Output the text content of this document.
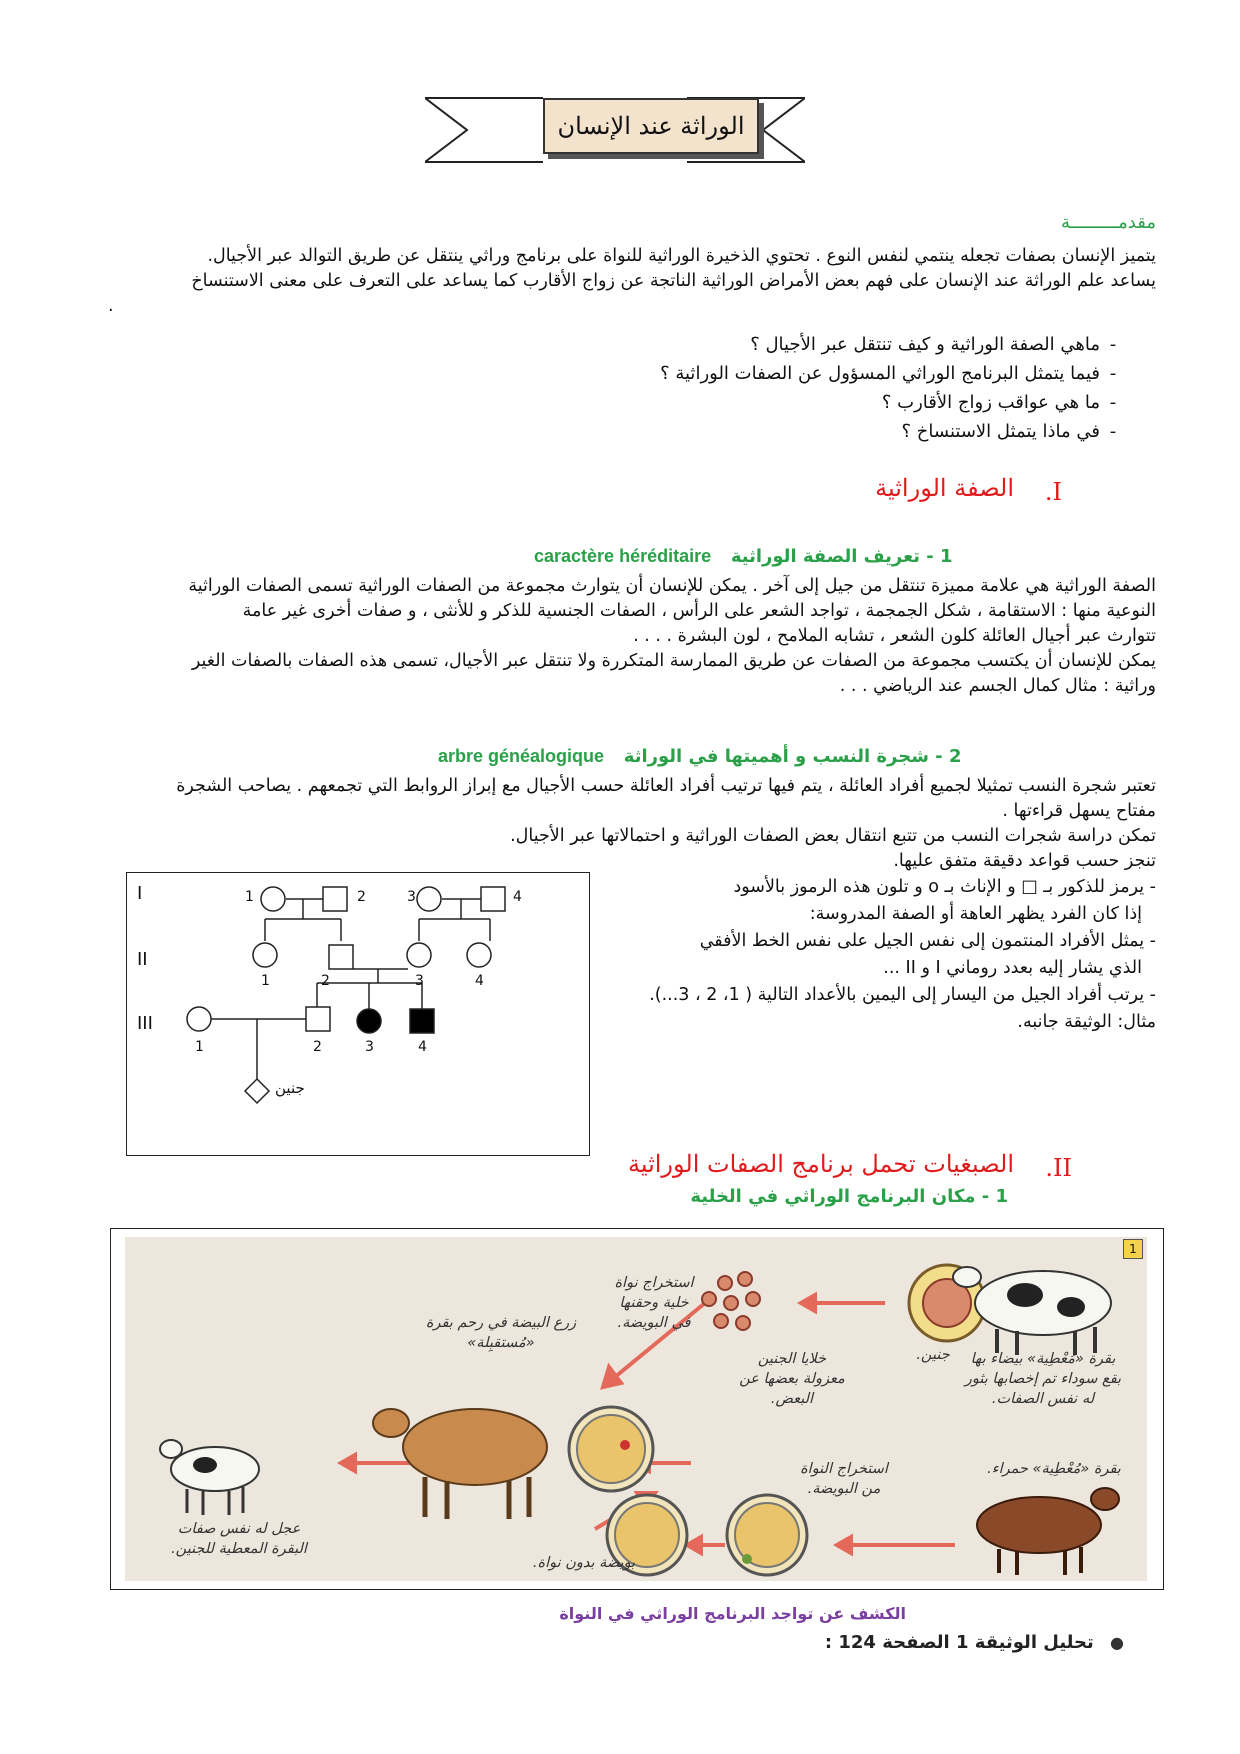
الوراثة عند الإنسان
مقدمـــــــــة
يتميز الإنسان بصفات تجعله ينتمي لنفس النوع . تحتوي الذخيرة الوراثية للنواة على برنامج وراثي ينتقل عن طريق التوالد عبر الأجيال.
يساعد علم الوراثة عند الإنسان على فهم بعض الأمراض الوراثية الناتجة عن زواج الأقارب كما يساعد على التعرف على معنى الاستنساخ
.
-ماهي الصفة الوراثية و كيف تنتقل عبر الأجيال ؟
-فيما يتمثل البرنامج الوراثي المسؤول عن الصفات الوراثية ؟
-ما هي عواقب زواج الأقارب ؟
-في ماذا يتمثل الاستنساخ ؟
I.
الصفة الوراثية
caractère héréditaire 1 - تعريف الصفة الوراثية
الصفة الوراثية هي علامة مميزة تنتقل من جيل إلى آخر . يمكن للإنسان أن يتوارث مجموعة من الصفات الوراثية تسمى الصفات الوراثية
النوعية منها : الاستقامة ، شكل الجمجمة ، تواجد الشعر على الرأس ، الصفات الجنسية للذكر و للأنثى ، و صفات أخرى غير عامة
تتوارث عبر أجيال العائلة كلون الشعر ، تشابه الملامح ، لون البشرة . . . .
يمكن للإنسان أن يكتسب مجموعة من الصفات عن طريق الممارسة المتكررة ولا تنتقل عبر الأجيال، تسمى هذه الصفات بالصفات الغير
وراثية : مثال كمال الجسم عند الرياضي . . .
arbre généalogique 2 - شجرة النسب و أهميتها في الوراثة
تعتبر شجرة النسب تمثيلا لجميع أفراد العائلة ، يتم فيها ترتيب أفراد العائلة حسب الأجيال مع إبراز الروابط التي تجمعهم . يصاحب الشجرة
مفتاح يسهل قراءتها .
تمكن دراسة شجرات النسب من تتبع انتقال بعض الصفات الوراثية و احتمالاتها عبر الأجيال.
تنجز حسب قواعد دقيقة متفق عليها.
- يرمز للذكور بـ □ و الإناث بـ o و تلون هذه الرموز بالأسود
إذا كان الفرد يظهر العاهة أو الصفة المدروسة:
- يمثل الأفراد المنتمون إلى نفس الجيل على نفس الخط الأفقي
الذي يشار إليه بعدد روماني I و II ...
- يرتب أفراد الجيل من اليسار إلى اليمين بالأعداد التالية ( 1، 2 ، 3...).
مثال: الوثيقة جانبه.
I
II
III
1	2	3	4
1	2	3	4
1	2	3	4
جنين
II.
الصبغيات تحمل برنامج الصفات الوراثية
1 - مكان البرنامج الوراثي في الخلية
1
بقرة «مُعْطِية» بيضاء بها بقع سوداء تم إخصابها بثور له نفس الصفات.
جنين.
استخراج نواة خلية وحقنها في البويضة.
خلايا الجنين معزولة بعضها عن البعض.
زرع البيضة في رحم بقرة «مُستقبِلة»
عجل له نفس صفات البقرة المعطية للجنين.
بقرة «مُعْطِية» حمراء.
استخراج النواة من البويضة.
بويضة بدون نواة.
الكشف عن تواجد البرنامج الوراثي في النواة
● تحليل الوثيقة 1 الصفحة 124 :
